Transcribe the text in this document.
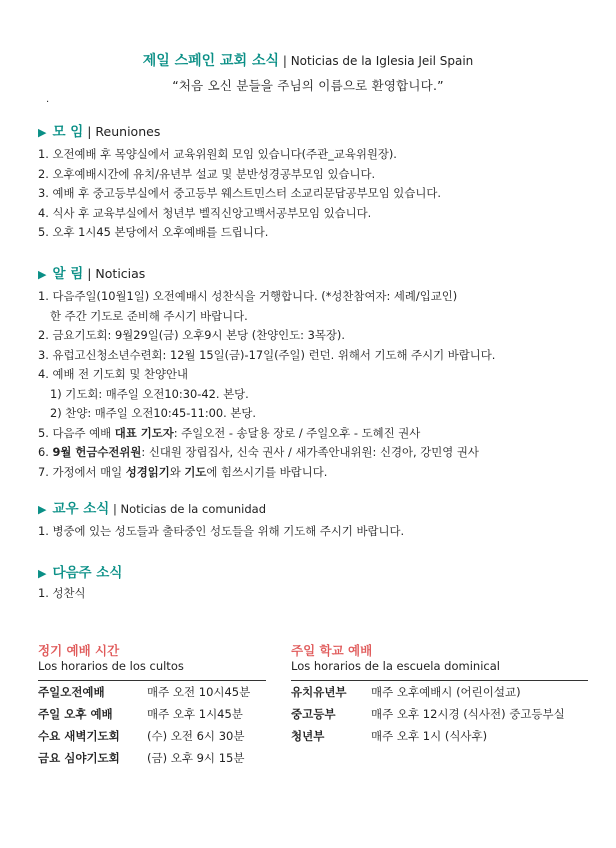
제일 스페인 교회 소식 | Noticias de la Iglesia Jeil Spain
“처음 오신 분들을 주님의 이름으로 환영합니다.”
.
▶ 모 임 | Reuniones
1. 오전예배 후 목양실에서 교육위원회 모임 있습니다(주관_교육위원장).
2. 오후예배시간에 유치/유년부 설교 및 분반성경공부모임 있습니다.
3. 예배 후 중고등부실에서 중고등부 웨스트민스터 소교리문답공부모임 있습니다.
4. 식사 후 교육부실에서 청년부 벨직신앙고백서공부모임 있습니다.
5. 오후 1시45 본당에서 오후예배를 드립니다.
▶ 알 림 | Noticias
1. 다음주일(10월1일) 오전예배시 성찬식을 거행합니다. (*성찬참여자: 세례/입교인)
한 주간 기도로 준비해 주시기 바랍니다.
2. 금요기도회: 9월29일(금) 오후9시 본당 (찬양인도: 3목장).
3. 유럽고신청소년수련회: 12월 15일(금)-17일(주일) 런던. 위해서 기도해 주시기 바랍니다.
4. 예배 전 기도회 및 찬양안내
1) 기도회: 매주일 오전10:30-42. 본당.
2) 찬양: 매주일 오전10:45-11:00. 본당.
5. 다음주 예배 대표 기도자: 주일오전 - 송달용 장로 / 주일오후 - 도혜진 권사
6. 9월 헌금수전위원: 신대원 장립집사, 신숙 권사 / 새가족안내위원: 신경아, 강민영 권사
7. 가정에서 매일 성경읽기와 기도에 힘쓰시기를 바랍니다.
▶ 교우 소식 | Noticias de la comunidad
1. 병중에 있는 성도들과 출타중인 성도들을 위해 기도해 주시기 바랍니다.
▶ 다음주 소식
1. 성찬식
정기 예배 시간
Los horarios de los cultos
주일오전예배	매주 오전 10시45분
주일 오후 예배	매주 오후 1시45분
수요 새벽기도회 (수) 오전 6시 30분
금요 심야기도회 (금) 오후 9시 15분
주일 학교 예배
Los horarios de la escuela dominical
유치유년부 매주 오후예배시 (어린이설교)
중고등부	매주 오후 12시경 (식사전) 중고등부실
청년부	매주 오후 1시 (식사후)
